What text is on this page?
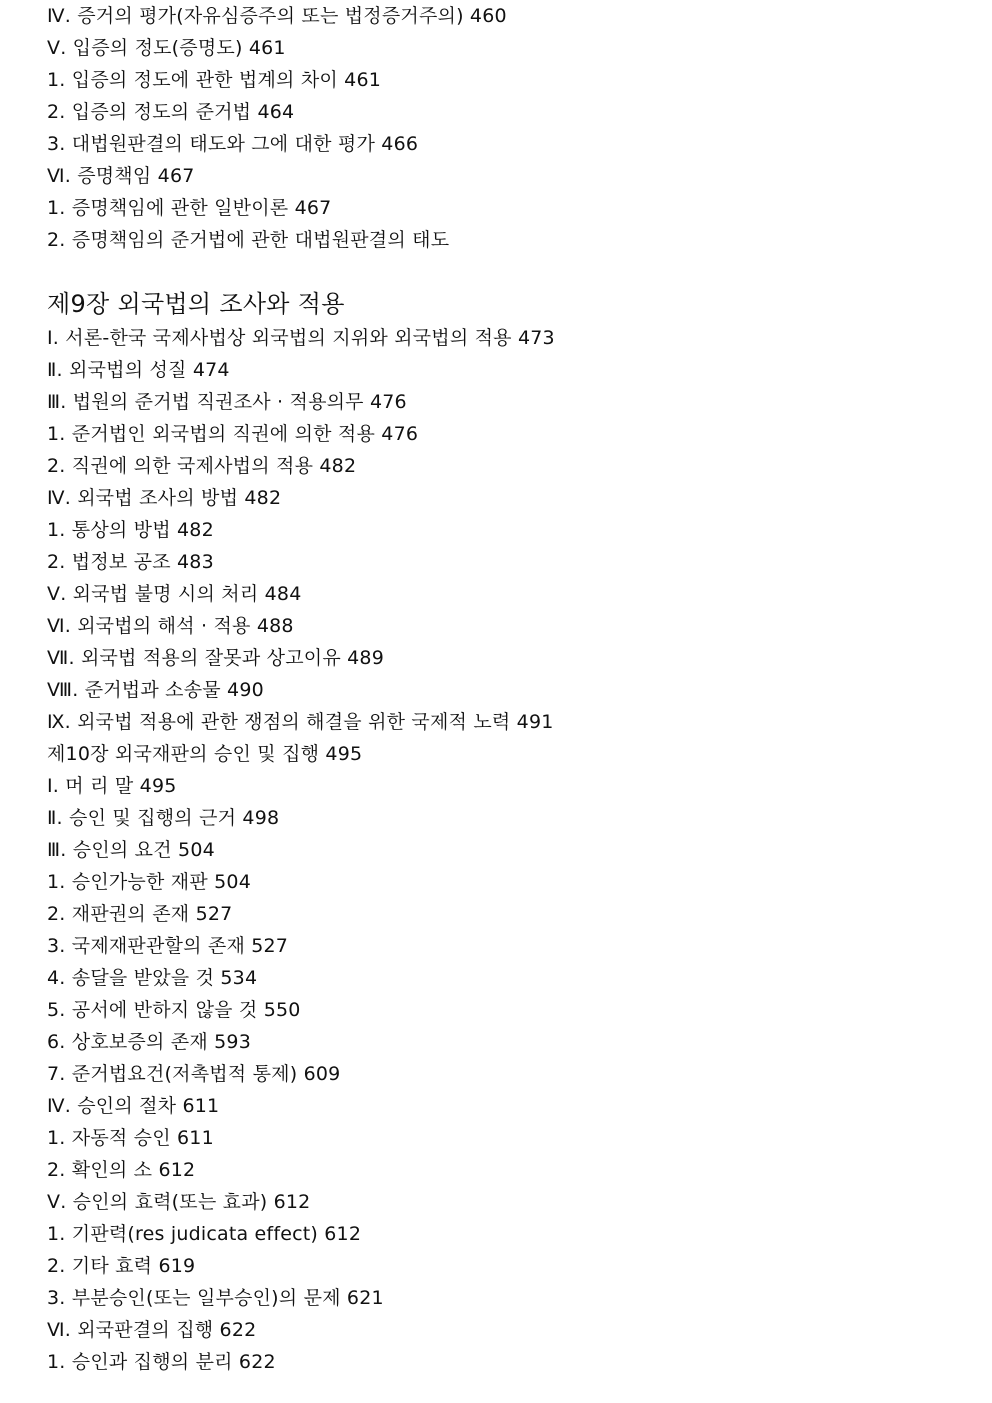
Ⅳ. 증거의 평가(자유심증주의 또는 법정증거주의) 460
Ⅴ. 입증의 정도(증명도) 461
1. 입증의 정도에 관한 법계의 차이 461
2. 입증의 정도의 준거법 464
3. 대법원판결의 태도와 그에 대한 평가 466
Ⅵ. 증명책임 467
1. 증명책임에 관한 일반이론 467
2. 증명책임의 준거법에 관한 대법원판결의 태도
제9장 외국법의 조사와 적용
Ⅰ. 서론-한국 국제사법상 외국법의 지위와 외국법의 적용 473
Ⅱ. 외국법의 성질 474
Ⅲ. 법원의 준거법 직권조사 · 적용의무 476
1. 준거법인 외국법의 직권에 의한 적용 476
2. 직권에 의한 국제사법의 적용 482
Ⅳ. 외국법 조사의 방법 482
1. 통상의 방법 482
2. 법정보 공조 483
Ⅴ. 외국법 불명 시의 처리 484
Ⅵ. 외국법의 해석 · 적용 488
Ⅶ. 외국법 적용의 잘못과 상고이유 489
Ⅷ. 준거법과 소송물 490
Ⅸ. 외국법 적용에 관한 쟁점의 해결을 위한 국제적 노력 491
제10장 외국재판의 승인 및 집행 495
Ⅰ. 머 리 말 495
Ⅱ. 승인 및 집행의 근거 498
Ⅲ. 승인의 요건 504
1. 승인가능한 재판 504
2. 재판권의 존재 527
3. 국제재판관할의 존재 527
4. 송달을 받았을 것 534
5. 공서에 반하지 않을 것 550
6. 상호보증의 존재 593
7. 준거법요건(저촉법적 통제) 609
Ⅳ. 승인의 절차 611
1. 자동적 승인 611
2. 확인의 소 612
Ⅴ. 승인의 효력(또는 효과) 612
1. 기판력(res judicata effect) 612
2. 기타 효력 619
3. 부분승인(또는 일부승인)의 문제 621
Ⅵ. 외국판결의 집행 622
1. 승인과 집행의 분리 622
